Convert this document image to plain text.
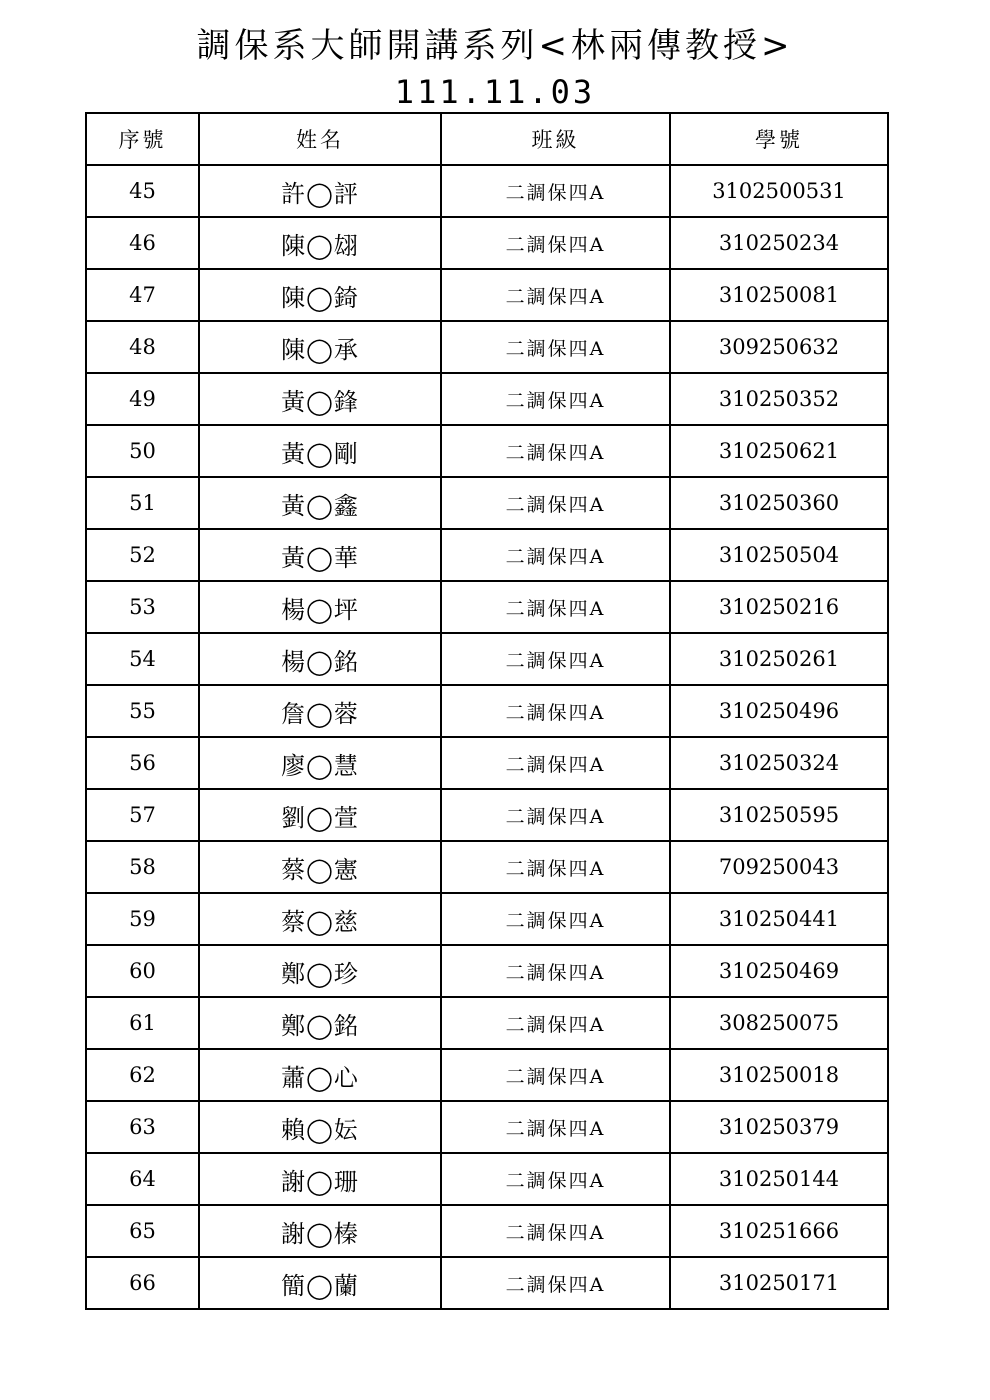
調保系大師開講系列<林兩傳教授>
111.11.03
序號	姓名	班級	學號
45	許◯評	二調保四A	3102500531
46	陳◯翃	二調保四A	310250234
47	陳◯錡	二調保四A	310250081
48	陳◯承	二調保四A	309250632
49	黃◯鋒	二調保四A	310250352
50	黃◯剛	二調保四A	310250621
51	黃◯鑫	二調保四A	310250360
52	黃◯華	二調保四A	310250504
53	楊◯坪	二調保四A	310250216
54	楊◯銘	二調保四A	310250261
55	詹◯蓉	二調保四A	310250496
56	廖◯慧	二調保四A	310250324
57	劉◯萱	二調保四A	310250595
58	蔡◯憲	二調保四A	709250043
59	蔡◯慈	二調保四A	310250441
60	鄭◯珍	二調保四A	310250469
61	鄭◯銘	二調保四A	308250075
62	蕭◯心	二調保四A	310250018
63	賴◯妘	二調保四A	310250379
64	謝◯珊	二調保四A	310250144
65	謝◯榛	二調保四A	310251666
66	簡◯蘭	二調保四A	310250171
